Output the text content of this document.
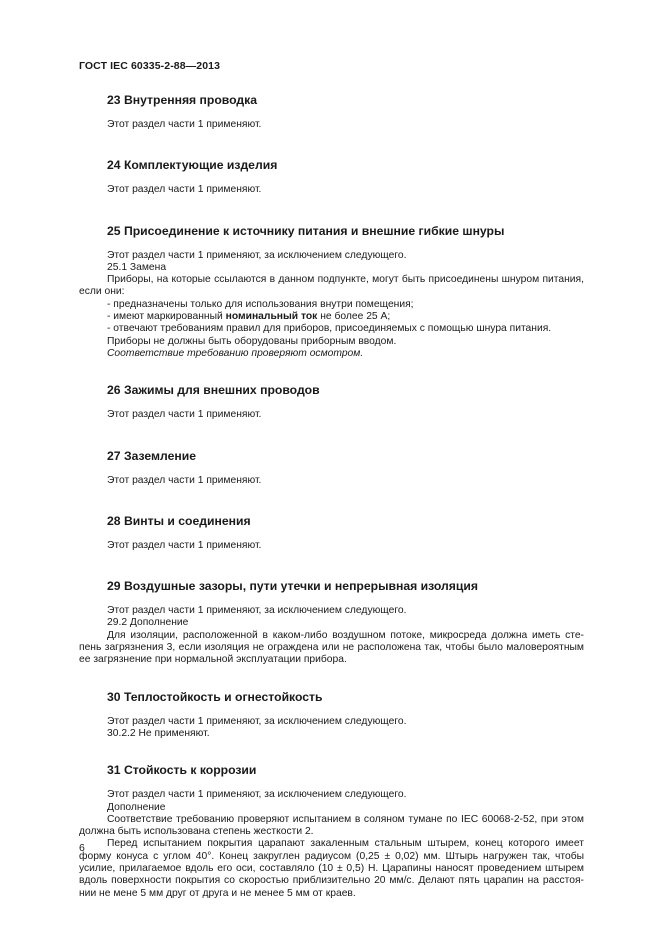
ГОСТ IEC 60335-2-88—2013
23 Внутренняя проводка

Этот раздел части 1 применяют.

24 Комплектующие изделия

Этот раздел части 1 применяют.

25 Присоединение к источнику питания и внешние гибкие шнуры

Этот раздел части 1 применяют, за исключением следующего.

25.1 Замена

Приборы, на которые ссылаются в данном подпункте, могут быть присоединены шнуром питания, если они:

- предназначены только для использования внутри помещения;

- имеют маркированный номинальный ток не более 25 А;

- отвечают требованиям правил для приборов, присоединяемых с помощью шнура питания.

Приборы не должны быть оборудованы приборным вводом.

Соответствие требованию проверяют осмотром.

26 Зажимы для внешних проводов

Этот раздел части 1 применяют.

27 Заземление

Этот раздел части 1 применяют.

28 Винты и соединения

Этот раздел части 1 применяют.

29 Воздушные зазоры, пути утечки и непрерывная изоляция

Этот раздел части 1 применяют, за исключением следующего.

29.2 Дополнение

Для изоляции, расположенной в каком-либо воздушном потоке, микросреда должна иметь сте-пень загрязнения 3, если изоляция не ограждена или не расположена так, чтобы было маловероятным ее загрязнение при нормальной эксплуатации прибора.

30 Теплостойкость и огнестойкость

Этот раздел части 1 применяют, за исключением следующего.

30.2.2 Не применяют.

31 Стойкость к коррозии

Этот раздел части 1 применяют, за исключением следующего.

Дополнение

Соответствие требованию проверяют испытанием в соляном тумане по IEC 60068-2-52, при этом должна быть использована степень жесткости 2.

Перед испытанием покрытия царапают закаленным стальным штырем, конец которого имеет форму конуса с углом 40°. Конец закруглен радиусом (0,25 ± 0,02) мм. Штырь нагружен так, чтобы усилие, прилагаемое вдоль его оси, составляло (10 ± 0,5) Н. Царапины наносят проведением штырем вдоль поверхности покрытия со скоростью приблизительно 20 мм/с. Делают пять царапин на расстоя-нии не мене 5 мм друг от друга и не менее 5 мм от краев.

6
